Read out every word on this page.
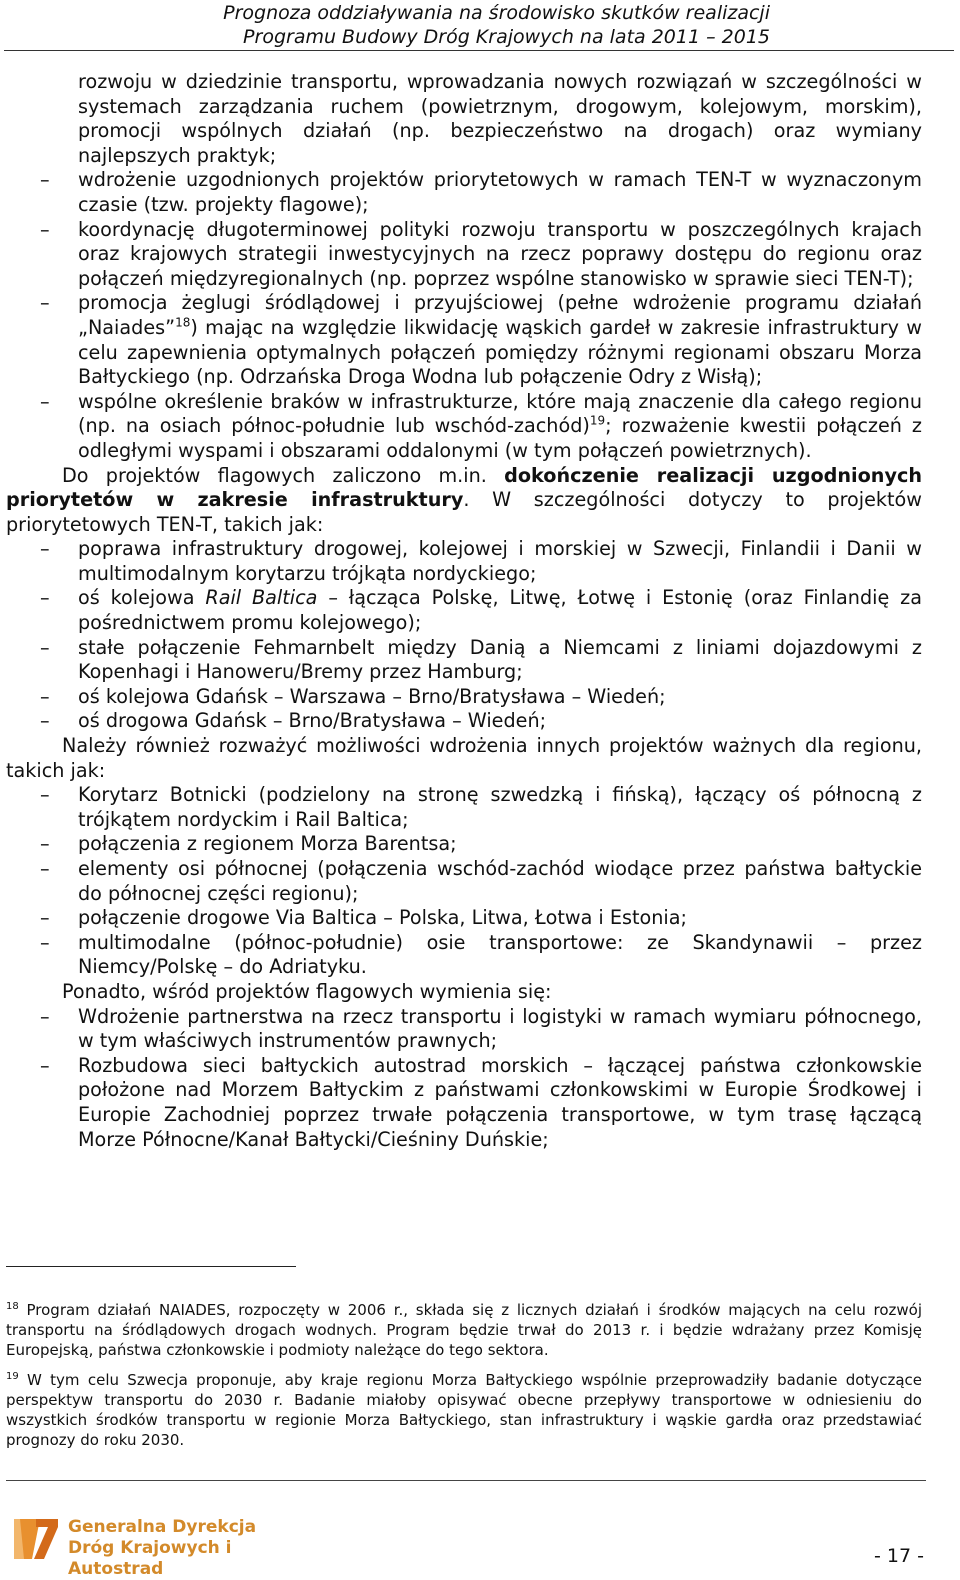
Prognoza oddziaływania na środowisko skutków realizacji
Programu Budowy Dróg Krajowych na lata 2011 – 2015

rozwoju w dziedzinie transportu, wprowadzania nowych rozwiązań w szczególności w systemach zarządzania ruchem (powietrznym, drogowym, kolejowym, morskim), promocji wspólnych działań (np. bezpieczeństwo na drogach) oraz wymiany najlepszych praktyk;

– wdrożenie uzgodnionych projektów priorytetowych w ramach TEN-T w wyznaczonym czasie (tzw. projekty flagowe);
– koordynację długoterminowej polityki rozwoju transportu w poszczególnych krajach oraz krajowych strategii inwestycyjnych na rzecz poprawy dostępu do regionu oraz połączeń międzyregionalnych (np. poprzez wspólne stanowisko w sprawie sieci TEN-T);
– promocja żeglugi śródlądowej i przyujściowej (pełne wdrożenie programu działań „Naiades”$^{18}$) mając na względzie likwidację wąskich gardeł w zakresie infrastruktury w celu zapewnienia optymalnych połączeń pomiędzy różnymi regionami obszaru Morza Bałtyckiego (np. Odrzańska Droga Wodna lub połączenie Odry z Wisłą);
– wspólne określenie braków w infrastrukturze, które mają znaczenie dla całego regionu (np. na osiach północ-południe lub wschód-zachód)$^{19}$; rozważenie kwestii połączeń z odległymi wyspami i obszarami oddalonymi (w tym połączeń powietrznych).

Do projektów flagowych zaliczono m.in. dokończenie realizacji uzgodnionych priorytetów w zakresie infrastruktury. W szczególności dotyczy to projektów priorytetowych TEN-T, takich jak:

– poprawa infrastruktury drogowej, kolejowej i morskiej w Szwecji, Finlandii i Danii w multimodalnym korytarzu trójkąta nordyckiego;
– oś kolejowa Rail Baltica – łącząca Polskę, Litwę, Łotwę i Estonię (oraz Finlandię za pośrednictwem promu kolejowego);
– stałe połączenie Fehmarnbelt między Danią a Niemcami z liniami dojazdowymi z Kopenhagi i Hanoweru/Bremy przez Hamburg;
– oś kolejowa Gdańsk – Warszawa – Brno/Bratysława – Wiedeń;
– oś drogowa Gdańsk – Brno/Bratysława – Wiedeń;

Należy również rozważyć możliwości wdrożenia innych projektów ważnych dla regionu, takich jak:

– Korytarz Botnicki (podzielony na stronę szwedzką i fińską), łączący oś północną z trójkątem nordyckim i Rail Baltica;
– połączenia z regionem Morza Barentsa;
– elementy osi północnej (połączenia wschód-zachód wiodące przez państwa bałtyckie do północnej części regionu);
– połączenie drogowe Via Baltica – Polska, Litwa, Łotwa i Estonia;
– multimodalne (północ-południe) osie transportowe: ze Skandynawii – przez Niemcy/Polskę – do Adriatyku.

Ponadto, wśród projektów flagowych wymienia się:

– Wdrożenie partnerstwa na rzecz transportu i logistyki w ramach wymiaru północnego, w tym właściwych instrumentów prawnych;
– Rozbudowa sieci bałtyckich autostrad morskich – łączącej państwa członkowskie położone nad Morzem Bałtyckim z państwami członkowskimi w Europie Środkowej i Europie Zachodniej poprzez trwałe połączenia transportowe, w tym trasę łączącą Morze Północne/Kanał Bałtycki/Cieśniny Duńskie;

$^{18}$ Program działań NAIADES, rozpoczęty w 2006 r., składa się z licznych działań i środków mających na celu rozwój transportu na śródlądowych drogach wodnych. Program będzie trwał do 2013 r. i będzie wdrażany przez Komisję Europejską, państwa członkowskie i podmioty należące do tego sektora.

$^{19}$ W tym celu Szwecja proponuje, aby kraje regionu Morza Bałtyckiego wspólnie przeprowadziły badanie dotyczące perspektyw transportu do 2030 r. Badanie miałoby opisywać obecne przepływy transportowe w odniesieniu do wszystkich środków transportu w regionie Morza Bałtyckiego, stan infrastruktury i wąskie gardła oraz przedstawiać prognozy do roku 2030.

Generalna Dyrekcja
Dróg Krajowych i Autostrad
- 17 -
